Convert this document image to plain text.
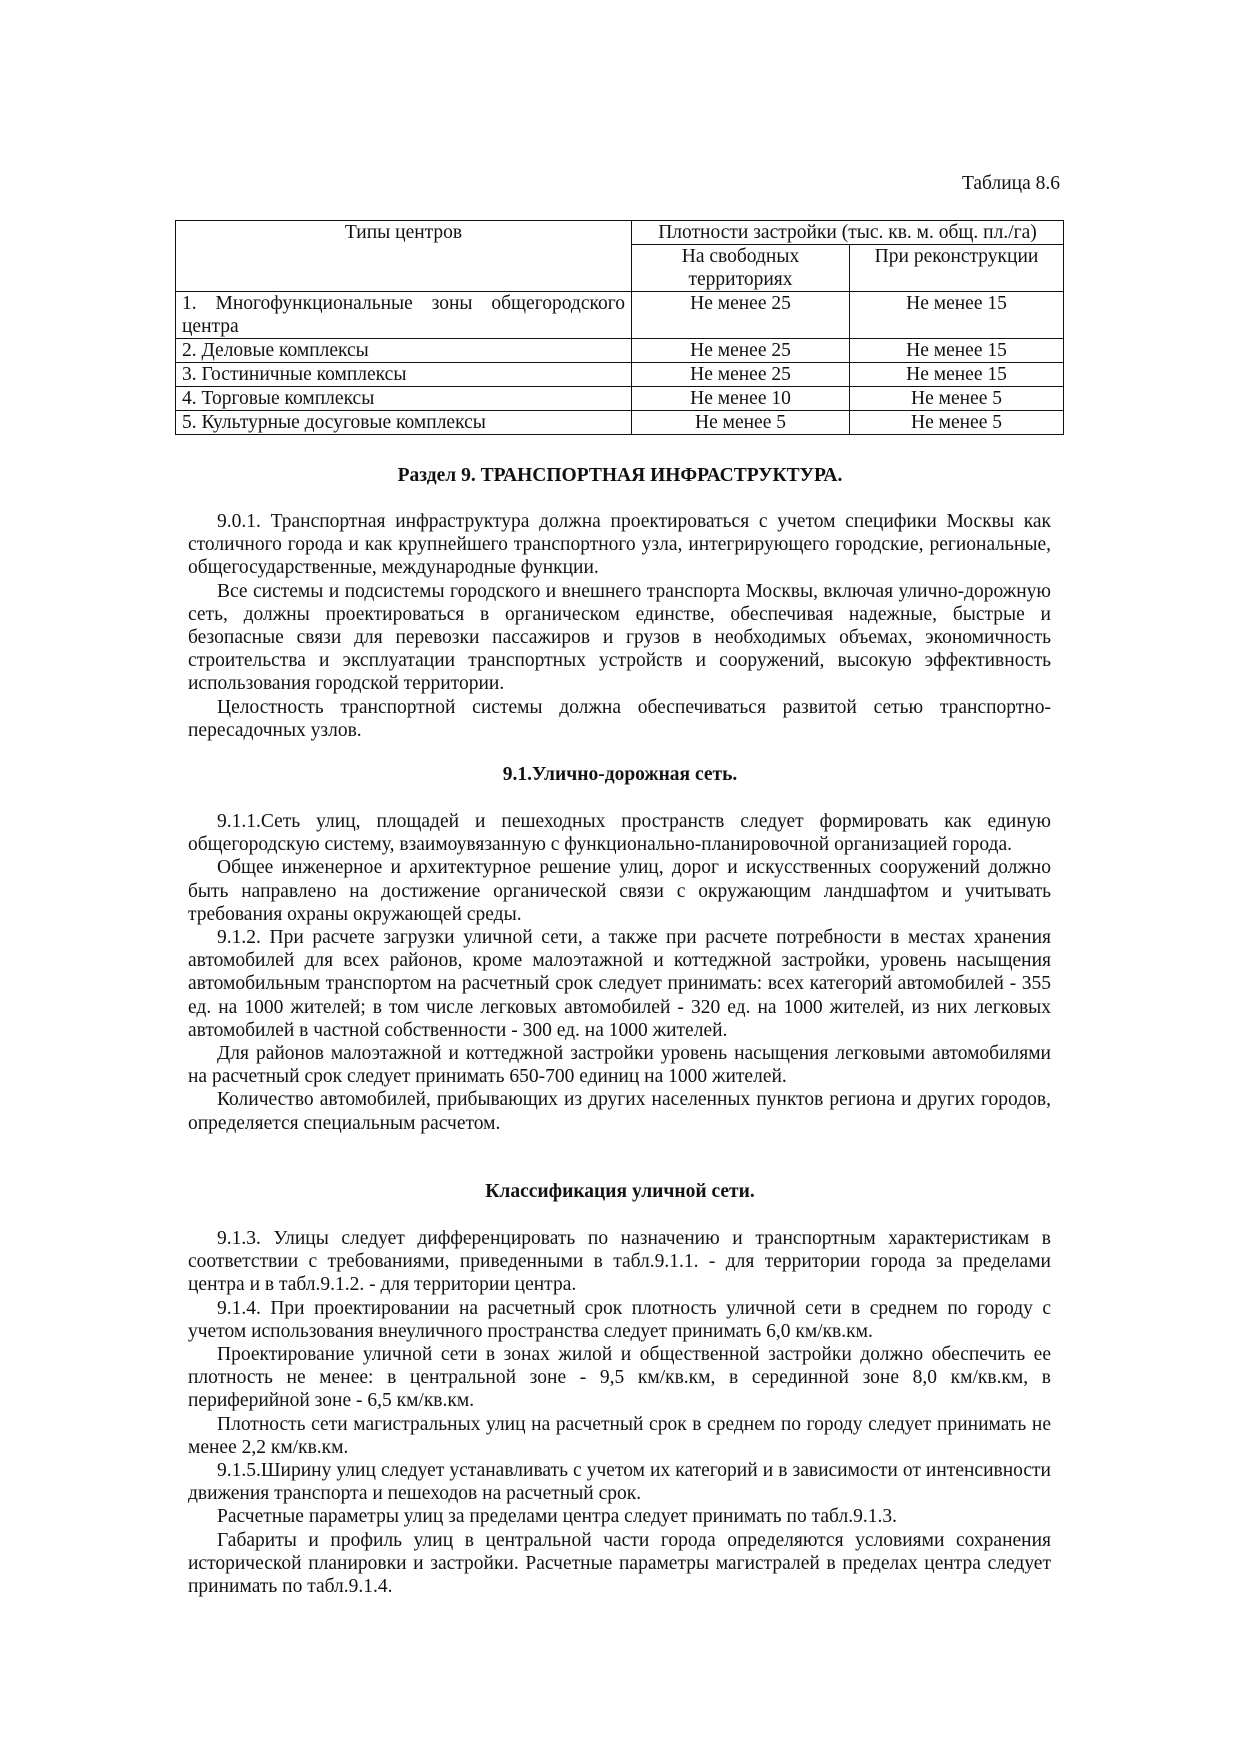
Таблица 8.6
Типы центров	Плотности застройки (тыс. кв. м. общ. пл./га)	
	На свободных территориях	При реконструкции
1. Многофункциональные зоны общегородского центра	Не менее 25	Не менее 15
2. Деловые комплексы	Не менее 25	Не менее 15
3. Гостиничные комплексы	Не менее 25	Не менее 15
4. Торговые комплексы	Не менее 10	Не менее 5
5. Культурные досуговые комплексы	Не менее 5	Не менее 5
Раздел 9. ТРАНСПОРТНАЯ ИНФРАСТРУКТУРА.

9.0.1. Транспортная инфраструктура должна проектироваться с учетом специфики Москвы как столичного города и как крупнейшего транспортного узла, интегрирующего городские, региональные, общегосударственные, международные функции.

Все системы и подсистемы городского и внешнего транспорта Москвы, включая улично-дорожную сеть, должны проектироваться в органическом единстве, обеспечивая надежные, быстрые и безопасные связи для перевозки пассажиров и грузов в необходимых объемах, экономичность строительства и эксплуатации транспортных устройств и сооружений, высокую эффективность использования городской территории.

Целостность транспортной системы должна обеспечиваться развитой сетью транспортно-пересадочных узлов.

9.1.Улично-дорожная сеть.

9.1.1.Сеть улиц, площадей и пешеходных пространств следует формировать как единую общегородскую систему, взаимоувязанную с функционально-планировочной организацией города.

Общее инженерное и архитектурное решение улиц, дорог и искусственных сооружений должно быть направлено на достижение органической связи с окружающим ландшафтом и учитывать требования охраны окружающей среды.

9.1.2. При расчете загрузки уличной сети, а также при расчете потребности в местах хранения автомобилей для всех районов, кроме малоэтажной и коттеджной застройки, уровень насыщения автомобильным транспортом на расчетный срок следует принимать: всех категорий автомобилей - 355 ед. на 1000 жителей; в том числе легковых автомобилей - 320 ед. на 1000 жителей, из них легковых автомобилей в частной собственности - 300 ед. на 1000 жителей.

Для районов малоэтажной и коттеджной застройки уровень насыщения легковыми автомобилями на расчетный срок следует принимать 650-700 единиц на 1000 жителей.

Количество автомобилей, прибывающих из других населенных пунктов региона и других городов, определяется специальным расчетом.

Классификация уличной сети.

9.1.3. Улицы следует дифференцировать по назначению и транспортным характеристикам в соответствии с требованиями, приведенными в табл.9.1.1. - для территории города за пределами центра и в табл.9.1.2. - для территории центра.

9.1.4. При проектировании на расчетный срок плотность уличной сети в среднем по городу с учетом использования внеуличного пространства следует принимать 6,0 км/кв.км.

Проектирование уличной сети в зонах жилой и общественной застройки должно обеспечить ее плотность не менее: в центральной зоне - 9,5 км/кв.км, в серединной зоне 8,0 км/кв.км, в периферийной зоне - 6,5 км/кв.км.

Плотность сети магистральных улиц на расчетный срок в среднем по городу следует принимать не менее 2,2 км/кв.км.

9.1.5.Ширину улиц следует устанавливать с учетом их категорий и в зависимости от интенсивности движения транспорта и пешеходов на расчетный срок.

Расчетные параметры улиц за пределами центра следует принимать по табл.9.1.3.

Габариты и профиль улиц в центральной части города определяются условиями сохранения исторической планировки и застройки. Расчетные параметры магистралей в пределах центра следует принимать по табл.9.1.4.
